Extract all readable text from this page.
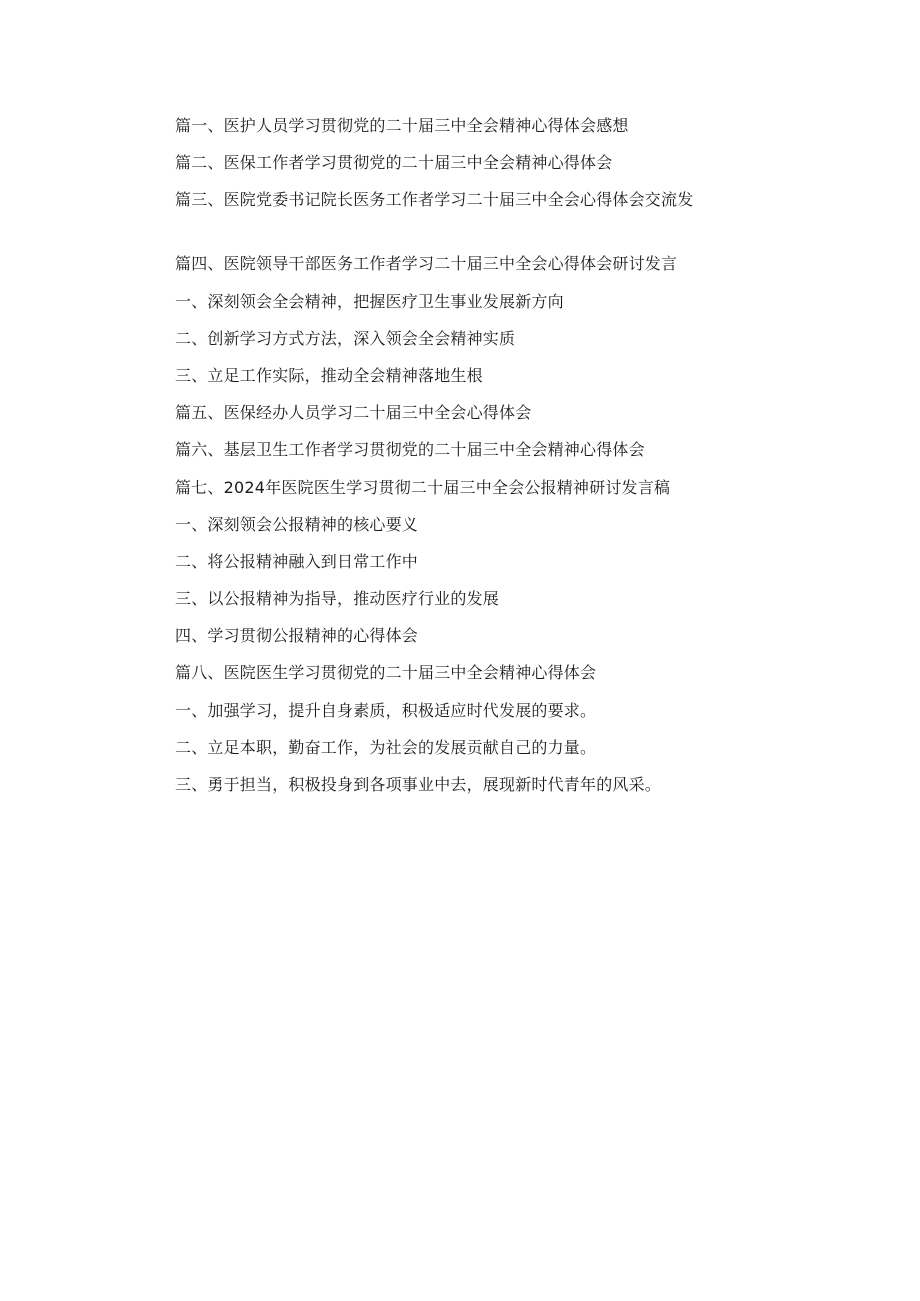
篇一、医护人员学习贯彻党的二十届三中全会精神心得体会感想
篇二、医保工作者学习贯彻党的二十届三中全会精神心得体会
篇三、医院党委书记院长医务工作者学习二十届三中全会心得体会交流发
篇四、医院领导干部医务工作者学习二十届三中全会心得体会研讨发言
一、深刻领会全会精神，把握医疗卫生事业发展新方向
二、创新学习方式方法，深入领会全会精神实质
三、立足工作实际，推动全会精神落地生根
篇五、医保经办人员学习二十届三中全会心得体会
篇六、基层卫生工作者学习贯彻党的二十届三中全会精神心得体会
篇七、2024年医院医生学习贯彻二十届三中全会公报精神研讨发言稿
一、深刻领会公报精神的核心要义
二、将公报精神融入到日常工作中
三、以公报精神为指导，推动医疗行业的发展
四、学习贯彻公报精神的心得体会
篇八、医院医生学习贯彻党的二十届三中全会精神心得体会
一、加强学习，提升自身素质，积极适应时代发展的要求。
二、立足本职，勤奋工作，为社会的发展贡献自己的力量。
三、勇于担当，积极投身到各项事业中去，展现新时代青年的风采。
